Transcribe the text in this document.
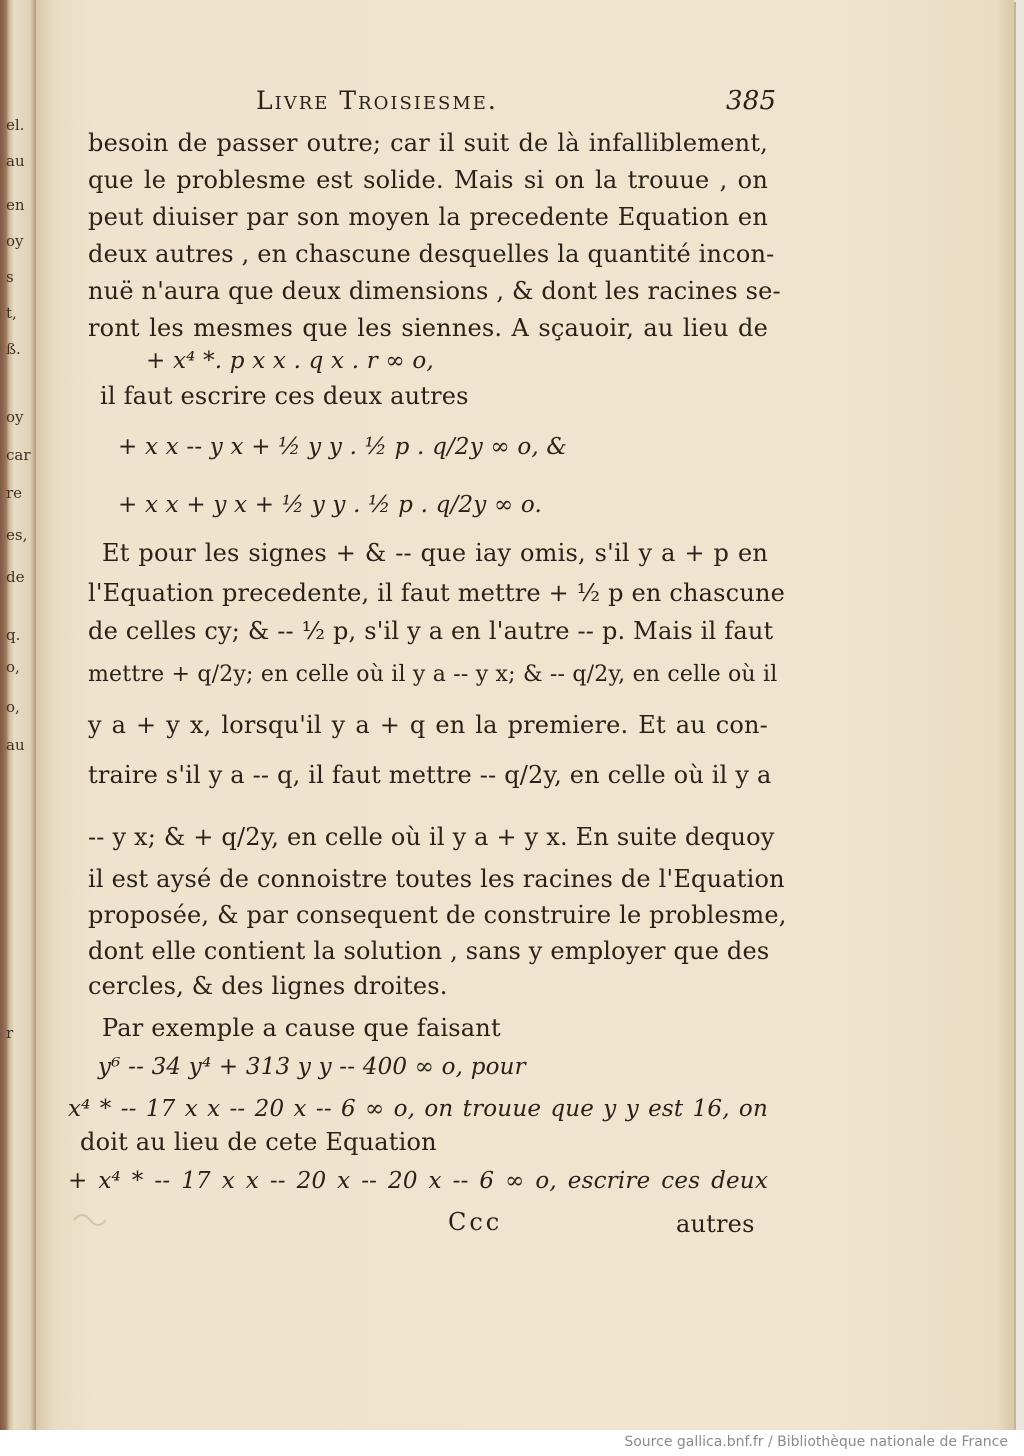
el.
au
en
oy
s
t,
ß.
oy
car
re
es,
de
q.
o,
o,
au
r
Livre Troisiesme.	385
besoin de passer outre; car il suit de là infalliblement,
que le problesme est solide. Mais si on la trouue , on
peut diuiser par son moyen la precedente Equation en
deux autres , en chascune desquelles la quantité incon-
nuë n'aura que deux dimensions , & dont les racines se-
ront les mesmes que les siennes. A sçauoir, au lieu de
+ x⁴ *. p x x . q x . r ∞ o,
il faut escrire ces deux autres
+ x x -- y x + ½ y y . ½ p . q/2y ∞ o, &
+ x x + y x + ½ y y . ½ p . q/2y ∞ o.
Et pour les signes + & -- que iay omis, s'il y a + p en
l'Equation precedente, il faut mettre + ½ p en chascune
de celles cy; & -- ½ p, s'il y a en l'autre -- p. Mais il faut
mettre + q/2y; en celle où il y a -- y x; & -- q/2y, en celle où il
y a + y x, lorsqu'il y a + q en la premiere. Et au con-
traire s'il y a -- q, il faut mettre -- q/2y, en celle où il y a
-- y x; & + q/2y, en celle où il y a + y x. En suite dequoy
il est aysé de connoistre toutes les racines de l'Equation
proposée, & par consequent de construire le problesme,
dont elle contient la solution , sans y employer que des
cercles, & des lignes droites.
Par exemple a cause que faisant
y⁶ -- 34 y⁴ + 313 y y -- 400 ∞ o, pour
x⁴ * -- 17 x x -- 20 x -- 6 ∞ o, on trouue que y y est 16, on
doit au lieu de cete Equation
+ x⁴ * -- 17 x x -- 20 x -- 20 x -- 6 ∞ o, escrire ces deux
Ccc	autres
Source gallica.bnf.fr / Bibliothèque nationale de France
